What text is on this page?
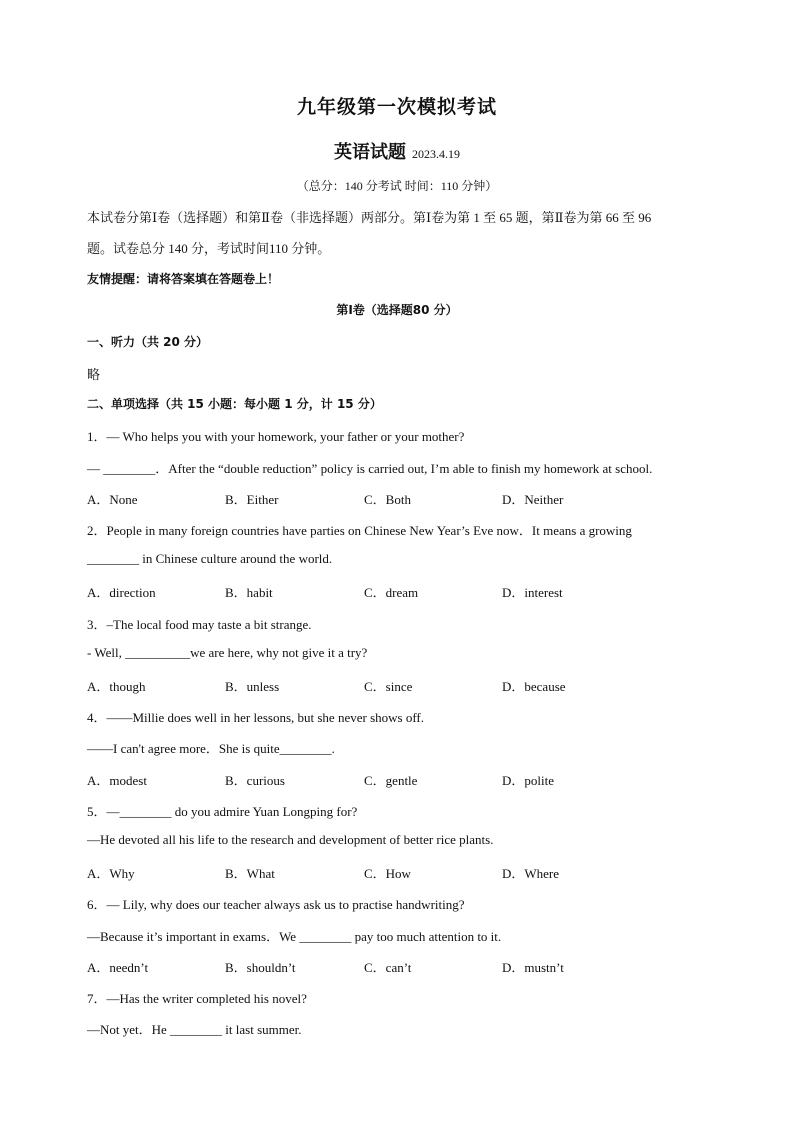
九年级第一次模拟考试
英语试题 2023.4.19
（总分：140 分考试 时间：110 分钟）
本试卷分第Ⅰ卷（选择题）和第Ⅱ卷（非选择题）两部分。第Ⅰ卷为第 1 至 65 题，第Ⅱ卷为第 66 至 96
题。试卷总分 140 分，考试时间110 分钟。
友情提醒：请将答案填在答题卷上！
第Ⅰ卷（选择题80 分）
一、听力（共 20 分）
略
二、单项选择（共 15 小题：每小题 1 分，计 15 分）
1．— Who helps you with your homework, your father or your mother?
— ________．After the “double reduction” policy is carried out, I’m able to finish my homework at school.
A．None	B．Either	C．Both	D．Neither
2．People in many foreign countries have parties on Chinese New Year’s Eve now．It means a growing
________ in Chinese culture around the world.
A．direction	B．habit	C．dream	D．interest
3．–The local food may taste a bit strange.
- Well, __________we are here, why not give it a try?
A．though	B．unless	C．since	D．because
4．——Millie does well in her lessons, but she never shows off.
——I can't agree more．She is quite________.
A．modest	B．curious	C．gentle	D．polite
5．—________ do you admire Yuan Longping for?
—He devoted all his life to the research and development of better rice plants.
A．Why	B．What	C．How	D．Where
6．— Lily, why does our teacher always ask us to practise handwriting?
—Because it’s important in exams．We ________ pay too much attention to it.
A．needn’t	B．shouldn’t	C．can’t	D．mustn’t
7．—Has the writer completed his novel?
—Not yet．He ________ it last summer.
